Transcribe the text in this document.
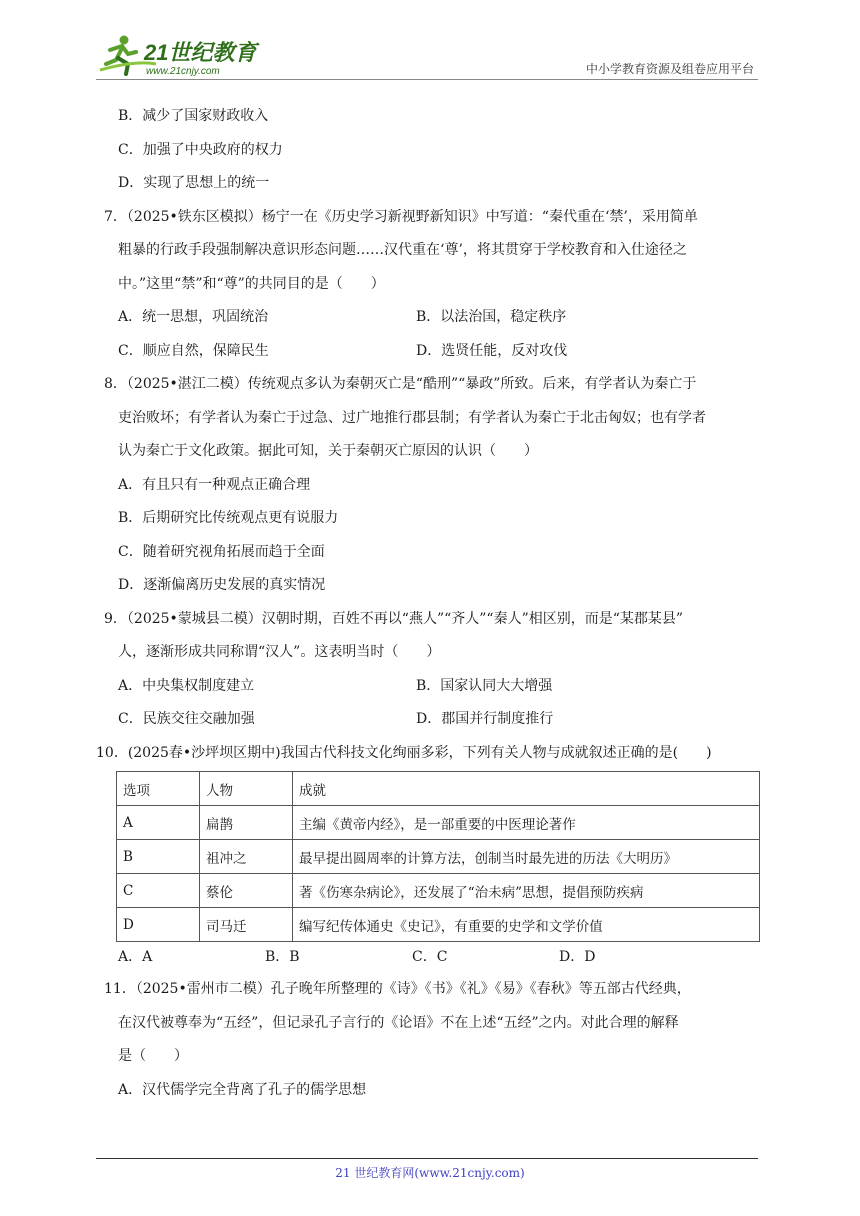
21世纪教育
www.21cnjy.com	中小学教育资源及组卷应用平台
B．减少了国家财政收入
C．加强了中央政府的权力
D．实现了思想上的统一
7．（2025•铁东区模拟）杨宁一在《历史学习新视野新知识》中写道：“秦代重在‘禁’，采用简单
粗暴的行政手段强制解决意识形态问题……汉代重在‘尊’，将其贯穿于学校教育和入仕途径之
中。”这里“禁”和“尊”的共同目的是（　　）
A．统一思想，巩固统治	B．以法治国，稳定秩序
C．顺应自然，保障民生	D．选贤任能，反对攻伐
8．（2025•湛江二模）传统观点多认为秦朝灭亡是“酷刑”“暴政”所致。后来，有学者认为秦亡于
吏治败坏；有学者认为秦亡于过急、过广地推行郡县制；有学者认为秦亡于北击匈奴；也有学者
认为秦亡于文化政策。据此可知，关于秦朝灭亡原因的认识（　　）
A．有且只有一种观点正确合理
B．后期研究比传统观点更有说服力
C．随着研究视角拓展而趋于全面
D．逐渐偏离历史发展的真实情况
9．（2025•蒙城县二模）汉朝时期，百姓不再以“燕人”“齐人”“秦人”相区别，而是“某郡某县”
人，逐渐形成共同称谓“汉人”。这表明当时（　　）
A．中央集权制度建立	B．国家认同大大增强
C．民族交往交融加强	D．郡国并行制度推行
10．(2025春•沙坪坝区期中)我国古代科技文化绚丽多彩，下列有关人物与成就叙述正确的是(　　)
选项	人物	成就
A	扁鹊	主编《黄帝内经》，是一部重要的中医理论著作
B	祖冲之	最早提出圆周率的计算方法，创制当时最先进的历法《大明历》
C	蔡伦	著《伤寒杂病论》，还发展了“治未病”思想，提倡预防疾病
D	司马迁	编写纪传体通史《史记》，有重要的史学和文学价值
A．A	B．B	C．C	D．D
11．（2025•雷州市二模）孔子晚年所整理的《诗》《书》《礼》《易》《春秋》等五部古代经典，
在汉代被尊奉为“五经”，但记录孔子言行的《论语》不在上述“五经”之内。对此合理的解释
是（　　）
A．汉代儒学完全背离了孔子的儒学思想
21 世纪教育网(www.21cnjy.com)
